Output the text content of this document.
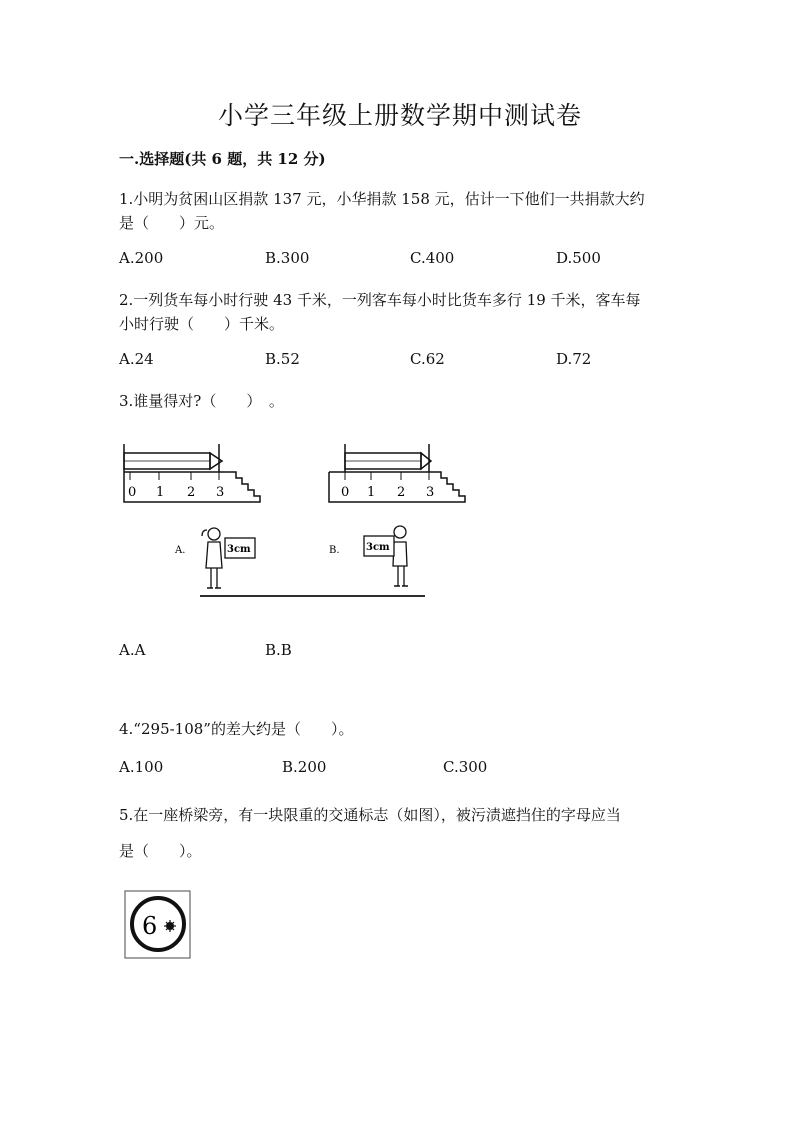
小学三年级上册数学期中测试卷
一.选择题(共 6 题，共 12 分)
1.小明为贫困山区捐款 137 元，小华捐款 158 元，估计一下他们一共捐款大约
是（　　）元。
A.200	B.300	C.400	D.500
2.一列货车每小时行驶 43 千米，一列客车每小时比货车多行 19 千米，客车每
小时行驶（　　）千米。
A.24	B.52	C.62	D.72
3.谁量得对?（　　）　。
0 1 2 3	0 1 2 3
A.	3cm	B.	3cm
A.A	B.B
4.“295-108”的差大约是（　　）。
A.100	B.200	C.300
5.在一座桥梁旁，有一块限重的交通标志（如图），被污渍遮挡住的字母应当
是（　　）。
6
